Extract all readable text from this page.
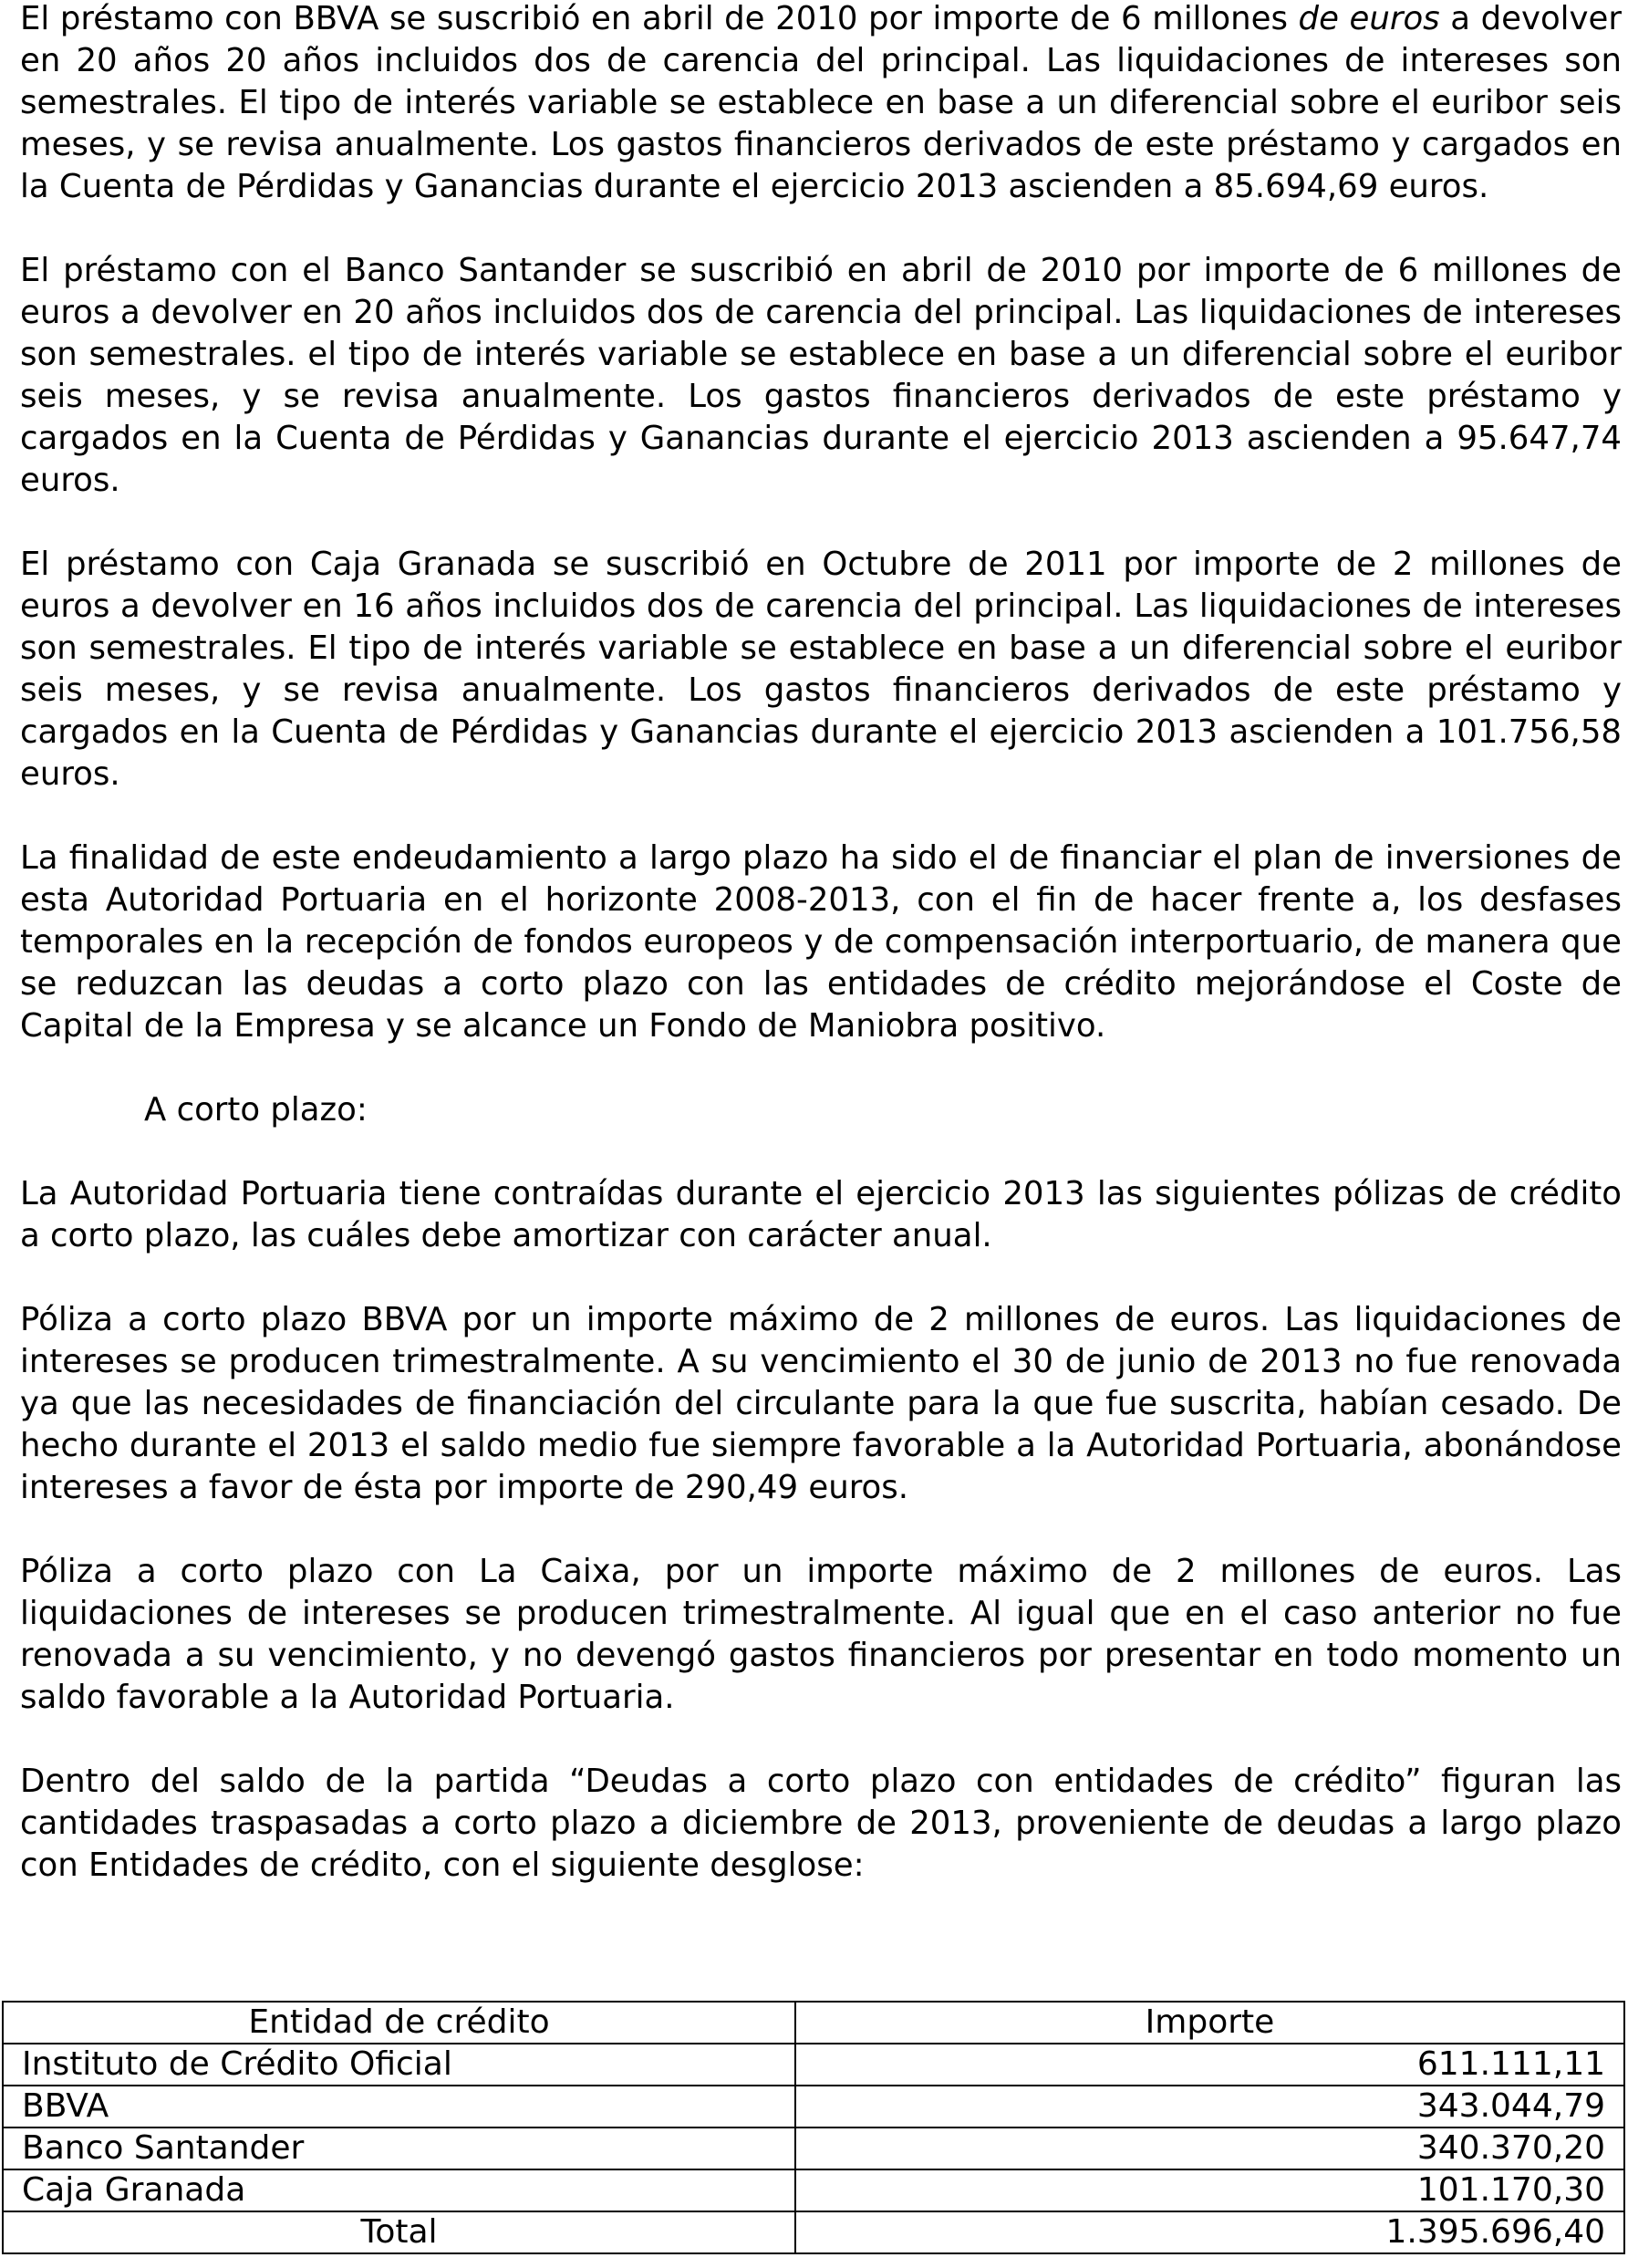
El préstamo con BBVA se suscribió en abril de 2010 por importe de 6 millones de euros a devolver en 20 años 20 años incluidos dos de carencia del principal. Las liquidaciones de intereses son semestrales. El tipo de interés variable se establece en base a un diferencial sobre el euribor seis meses, y se revisa anualmente. Los gastos financieros derivados de este préstamo y cargados en la Cuenta de Pérdidas y Ganancias durante el ejercicio 2013 ascienden a 85.694,69 euros.

El préstamo con el Banco Santander se suscribió en abril de 2010 por importe de 6 millones de euros a devolver en 20 años incluidos dos de carencia del principal. Las liquidaciones de intereses son semestrales. el tipo de interés variable se establece en base a un diferencial sobre el euribor seis meses, y se revisa anualmente. Los gastos financieros derivados de este préstamo y cargados en la Cuenta de Pérdidas y Ganancias durante el ejercicio 2013 ascienden a 95.647,74 euros.

El préstamo con Caja Granada se suscribió en Octubre de 2011 por importe de 2 millones de euros a devolver en 16 años incluidos dos de carencia del principal. Las liquidaciones de intereses son semestrales. El tipo de interés variable se establece en base a un diferencial sobre el euribor seis meses, y se revisa anualmente. Los gastos financieros derivados de este préstamo y cargados en la Cuenta de Pérdidas y Ganancias durante el ejercicio 2013 ascienden a 101.756,58 euros.

La finalidad de este endeudamiento a largo plazo ha sido el de financiar el plan de inversiones de esta Autoridad Portuaria en el horizonte 2008-2013, con el fin de hacer frente a, los desfases temporales en la recepción de fondos europeos y de compensación interportuario, de manera que se reduzcan las deudas a corto plazo con las entidades de crédito mejorándose el Coste de Capital de la Empresa y se alcance un Fondo de Maniobra positivo.

A corto plazo:

La Autoridad Portuaria tiene contraídas durante el ejercicio 2013 las siguientes pólizas de crédito a corto plazo, las cuáles debe amortizar con carácter anual.

Póliza a corto plazo BBVA por un importe máximo de 2 millones de euros. Las liquidaciones de intereses se producen trimestralmente. A su vencimiento el 30 de junio de 2013 no fue renovada ya que las necesidades de financiación del circulante para la que fue suscrita, habían cesado. De hecho durante el 2013 el saldo medio fue siempre favorable a la Autoridad Portuaria, abonándose intereses a favor de ésta por importe de 290,49 euros.

Póliza a corto plazo con La Caixa, por un importe máximo de 2 millones de euros. Las liquidaciones de intereses se producen trimestralmente. Al igual que en el caso anterior no fue renovada a su vencimiento, y no devengó gastos financieros por presentar en todo momento un saldo favorable a la Autoridad Portuaria.

Dentro del saldo de la partida “Deudas a corto plazo con entidades de crédito” figuran las cantidades traspasadas a corto plazo a diciembre de 2013, proveniente de deudas a largo plazo con Entidades de crédito, con el siguiente desglose:

Entidad de crédito	Importe
Instituto de Crédito Oficial	611.111,11
BBVA	343.044,79
Banco Santander	340.370,20
Caja Granada	101.170,30
Total	1.395.696,40
